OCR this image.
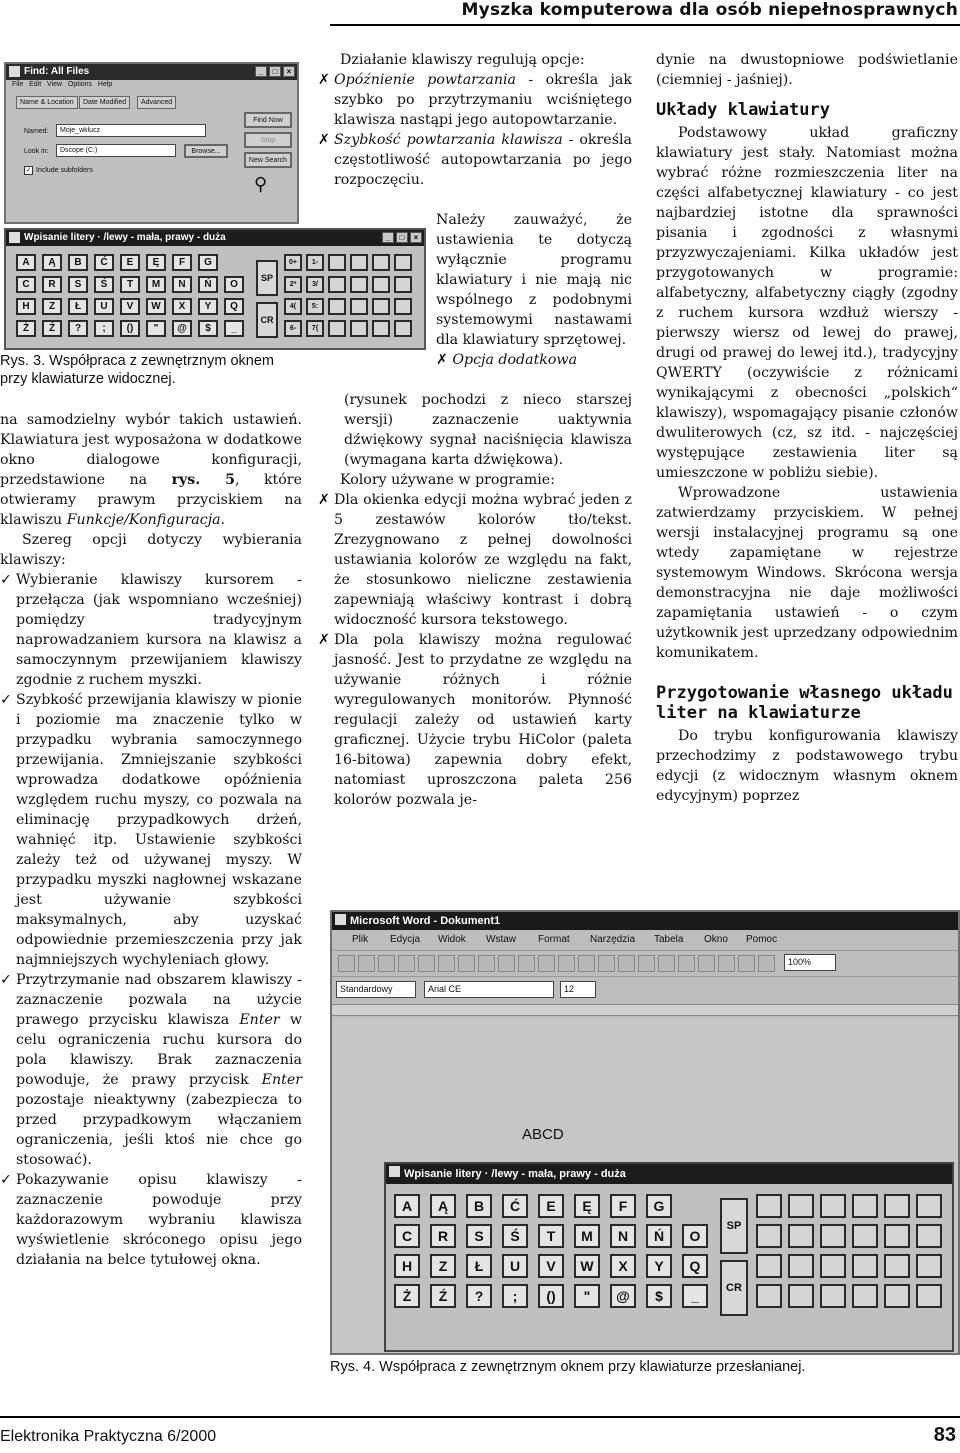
Myszka komputerowa dla osób niepełnosprawnych
Find: All Files	_	□	×
File Edit View Options Help
Name & Location	Date Modified	Advanced
Named:	Moje_wklucz
Look in:	Dscope (C:)
Include subfolders
✓
Find Now
Stop
New Search
Browse...
⚲
Wpisanie litery · /lewy - mała, prawy - duża	_	□	×
A	Ą	B	Ć	E	Ę	F	G
C	R	S	Ś	T	M	N	Ń	O
H	Z	Ł	U	V	W	X	Y	Q
Ż	Ź	?	;	()	"	@	$	_
SP
CR
0+	1-
2*	3/
4(	5:
6-	7{
Rys. 3. Współpraca z zewnętrznym oknem
przy klawiaturze widocznej.

na samodzielny wybór takich ustawień. Klawiatura jest wyposażona w dodatkowe okno dialogowe konfiguracji, przedstawione na rys. 5, które otwieramy prawym przyciskiem na klawiszu Funkcje/Konfiguracja.

Szereg opcji dotyczy wybierania klawiszy:

✓ Wybieranie klawiszy kursorem - przełącza (jak wspomniano wcześniej) pomiędzy tradycyjnym naprowadzaniem kursora na klawisz a samoczynnym przewijaniem klawiszy zgodnie z ruchem myszki.
✓ Szybkość przewijania klawiszy w pionie i poziomie ma znaczenie tylko w przypadku wybrania samoczynnego przewijania. Zmniejszanie szybkości wprowadza dodatkowe opóźnienia względem ruchu myszy, co pozwala na eliminację przypadkowych drżeń, wahnięć itp. Ustawienie szybkości zależy też od używanej myszy. W przypadku myszki nagłownej wskazane jest używanie szybkości maksymalnych, aby uzyskać odpowiednie przemieszczenia przy jak najmniejszych wychyleniach głowy.
✓ Przytrzymanie nad obszarem klawiszy - zaznaczenie pozwala na użycie prawego przycisku klawisza Enter w celu ograniczenia ruchu kursora do pola klawiszy. Brak zaznaczenia powoduje, że prawy przycisk Enter pozostaje nieaktywny (zabezpiecza to przed przypadkowym włączaniem ograniczenia, jeśli ktoś nie chce go stosować).
✓ Pokazywanie opisu klawiszy - zaznaczenie powoduje przy każdorazowym wybraniu klawisza wyświetlenie skróconego opisu jego działania na belce tytułowej okna.

Działanie klawiszy regulują opcje:

✗ Opóźnienie powtarzania - określa jak szybko po przytrzymaniu wciśniętego klawisza nastąpi jego autopowtarzanie.
✗ Szybkość powtarzania klawisza - określa częstotliwość autopowtarzania po jego rozpoczęciu.

Należy zauważyć, że ustawienia te dotyczą wyłącznie programu klawiatury i nie mają nic wspólnego z podobnymi systemowymi nastawami dla klawiatury sprzętowej.

✗ Opcja dodatkowa

(rysunek pochodzi z nieco starszej wersji) zaznaczenie uaktywnia dźwiękowy sygnał naciśnięcia klawisza (wymagana karta dźwiękowa).

Kolory używane w programie:

✗ Dla okienka edycji można wybrać jeden z 5 zestawów kolorów tło/tekst. Zrezygnowano z pełnej dowolności ustawiania kolorów ze względu na fakt, że stosunkowo nieliczne zestawienia zapewniają właściwy kontrast i dobrą widoczność kursora tekstowego.
✗ Dla pola klawiszy można regulować jasność. Jest to przydatne ze względu na używanie różnych i różnie wyregulowanych monitorów. Płynność regulacji zależy od ustawień karty graficznej. Użycie trybu HiColor (paleta 16-bitowa) zapewnia dobry efekt, natomiast uproszczona paleta 256 kolorów pozwala je-

dynie na dwustopniowe podświetlanie (ciemniej - jaśniej).

Układy klawiatury

Podstawowy układ graficzny klawiatury jest stały. Natomiast można wybrać różne rozmieszczenia liter na części alfabetycznej klawiatury - co jest najbardziej istotne dla sprawności pisania i zgodności z własnymi przyzwyczajeniami. Kilka układów jest przygotowanych w programie: alfabetyczny, alfabetyczny ciągły (zgodny z ruchem kursora wzdłuż wierszy - pierwszy wiersz od lewej do prawej, drugi od prawej do lewej itd.), tradycyjny QWERTY (oczywiście z różnicami wynikającymi z obecności „polskich“ klawiszy), wspomagający pisanie członów dwuliterowych (cz, sz itd. - najczęściej występujące zestawienia liter są umieszczone w pobliżu siebie).

Wprowadzone ustawienia zatwierdzamy przyciskiem. W pełnej wersji instalacyjnej programu są one wtedy zapamiętane w rejestrze systemowym Windows. Skrócona wersja demonstracyjna nie daje możliwości zapamiętania ustawień - o czym użytkownik jest uprzedzany odpowiednim komunikatem.

Przygotowanie własnego układu liter na klawiaturze

Do trybu konfigurowania klawiszy przechodzimy z podstawowego trybu edycji (z widocznym własnym oknem edycyjnym) poprzez

Microsoft Word - Dokument1
Plik Edycja Widok Wstaw Format Narzędzia Tabela Okno Pomoc
100%
Standardowy	Arial CE	12
ABCD
Wpisanie litery · /lewy - mała, prawy - duża
A	Ą	B	Ć	E	Ę	F	G
C	R	S	Ś	T	M	N	Ń	O
H	Z	Ł	U	V	W	X	Y	Q
Ż	Ź	?	;	()	"	@	$	_
SP
CR
Rys. 4. Współpraca z zewnętrznym oknem przy klawiaturze przesłanianej.
Elektronika Praktyczna 6/2000	83
